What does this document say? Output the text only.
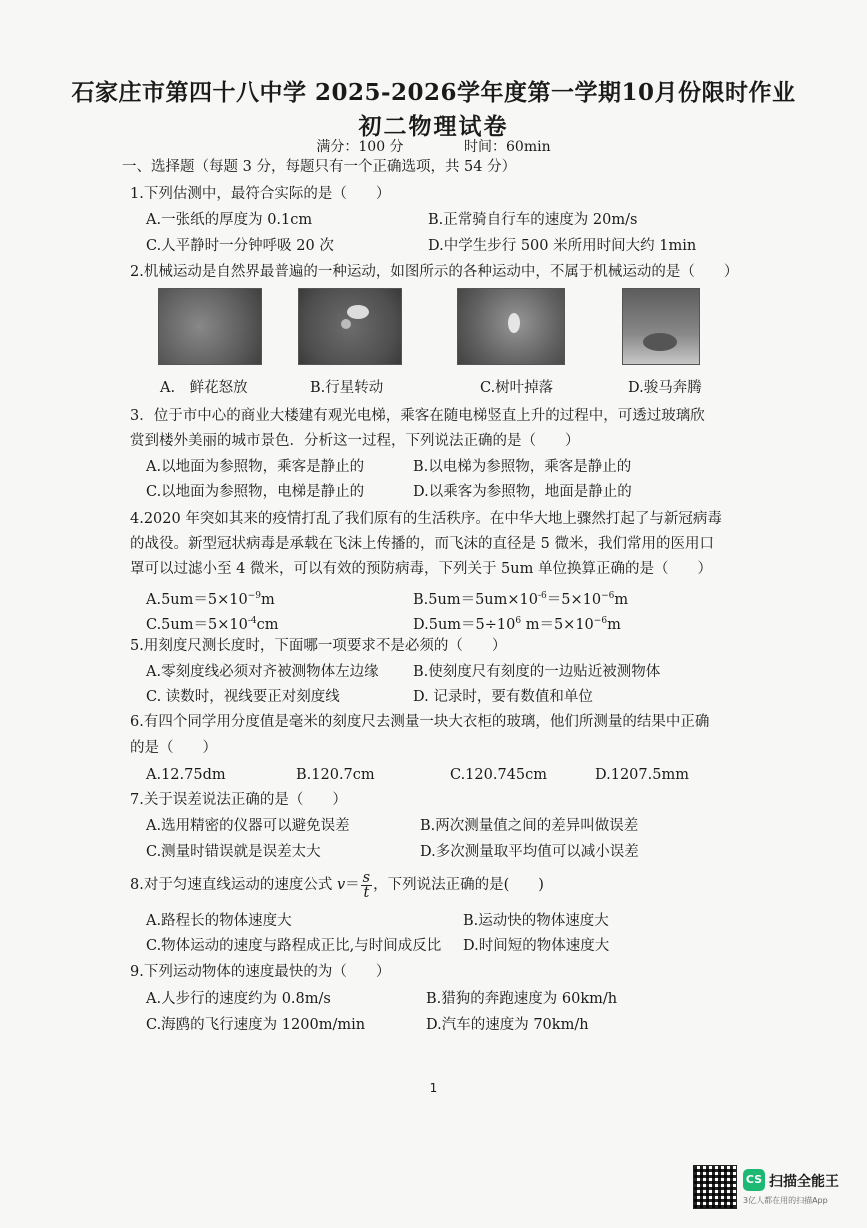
石家庄市第四十八中学 2025-2026学年度第一学期10月份限时作业
初二物理试卷
满分：100 分	时间：60min
一、选择题（每题 3 分，每题只有一个正确选项，共 54 分）
1.下列估测中，最符合实际的是（　　）
A.一张纸的厚度为 0.1cm	B.正常骑自行车的速度为 20m/s
C.人平静时一分钟呼吸 20 次	D.中学生步行 500 米所用时间大约 1min
2.机械运动是自然界最普遍的一种运动，如图所示的各种运动中，不属于机械运动的是（　　）
A.　鲜花怒放	B.行星转动	C.树叶掉落	D.骏马奔腾
3．位于市中心的商业大楼建有观光电梯，乘客在随电梯竖直上升的过程中，可透过玻璃欣
赏到楼外美丽的城市景色．分析这一过程，下列说法正确的是（　　）
A.以地面为参照物，乘客是静止的	B.以电梯为参照物，乘客是静止的
C.以地面为参照物，电梯是静止的	D.以乘客为参照物，地面是静止的
4.2020 年突如其来的疫情打乱了我们原有的生活秩序。在中华大地上骤然打起了与新冠病毒
的战役。新型冠状病毒是承载在飞沫上传播的，而飞沫的直径是 5 微米，我们常用的医用口
罩可以过滤小至 4 微米，可以有效的预防病毒，下列关于 5um 单位换算正确的是（　　）
$A.5um=5\times 10^{-9}m$	$B.5um=5um\times 10^{-6}=5\times 10^{-6}m$
$C.5um=5\times 10^{-4}cm$	$D.5um=5\div 10^6$ $m=5\times 10^{-6}m$
5.用刻度尺测长度时，下面哪一项要求不是必须的（　　）
A.零刻度线必须对齐被测物体左边缘 B.使刻度尺有刻度的一边贴近被测物体
C. 读数时，视线要正对刻度线	D. 记录时，要有数值和单位
6.有四个同学用分度值是毫米的刻度尺去测量一块大衣柜的玻璃，他们所测量的结果中正确
的是（　　）
A.12.75dm	B.120.7cm	C.120.745cm	D.1207.5mm
7.关于误差说法正确的是（　　）
A.选用精密的仪器可以避免误差	B.两次测量值之间的差异叫做误差
C.测量时错误就是误差太大	D.多次测量取平均值可以减小误差
8.对于匀速直线运动的速度公式 $v= \frac{s}{t}$ ，下列说法正确的是(　　)
A.路程长的物体速度大	B.运动快的物体速度大
C.物体运动的速度与路程成正比,与时间成反比 D.时间短的物体速度大
9.下列运动物体的速度最快的为（　　）
A.人步行的速度约为 0.8m/s	B.猎狗的奔跑速度为 60km/h
C.海鸥的飞行速度为 1200m/min	D.汽车的速度为 70km/h
1
CS 扫描全能王
3亿人都在用的扫描App
